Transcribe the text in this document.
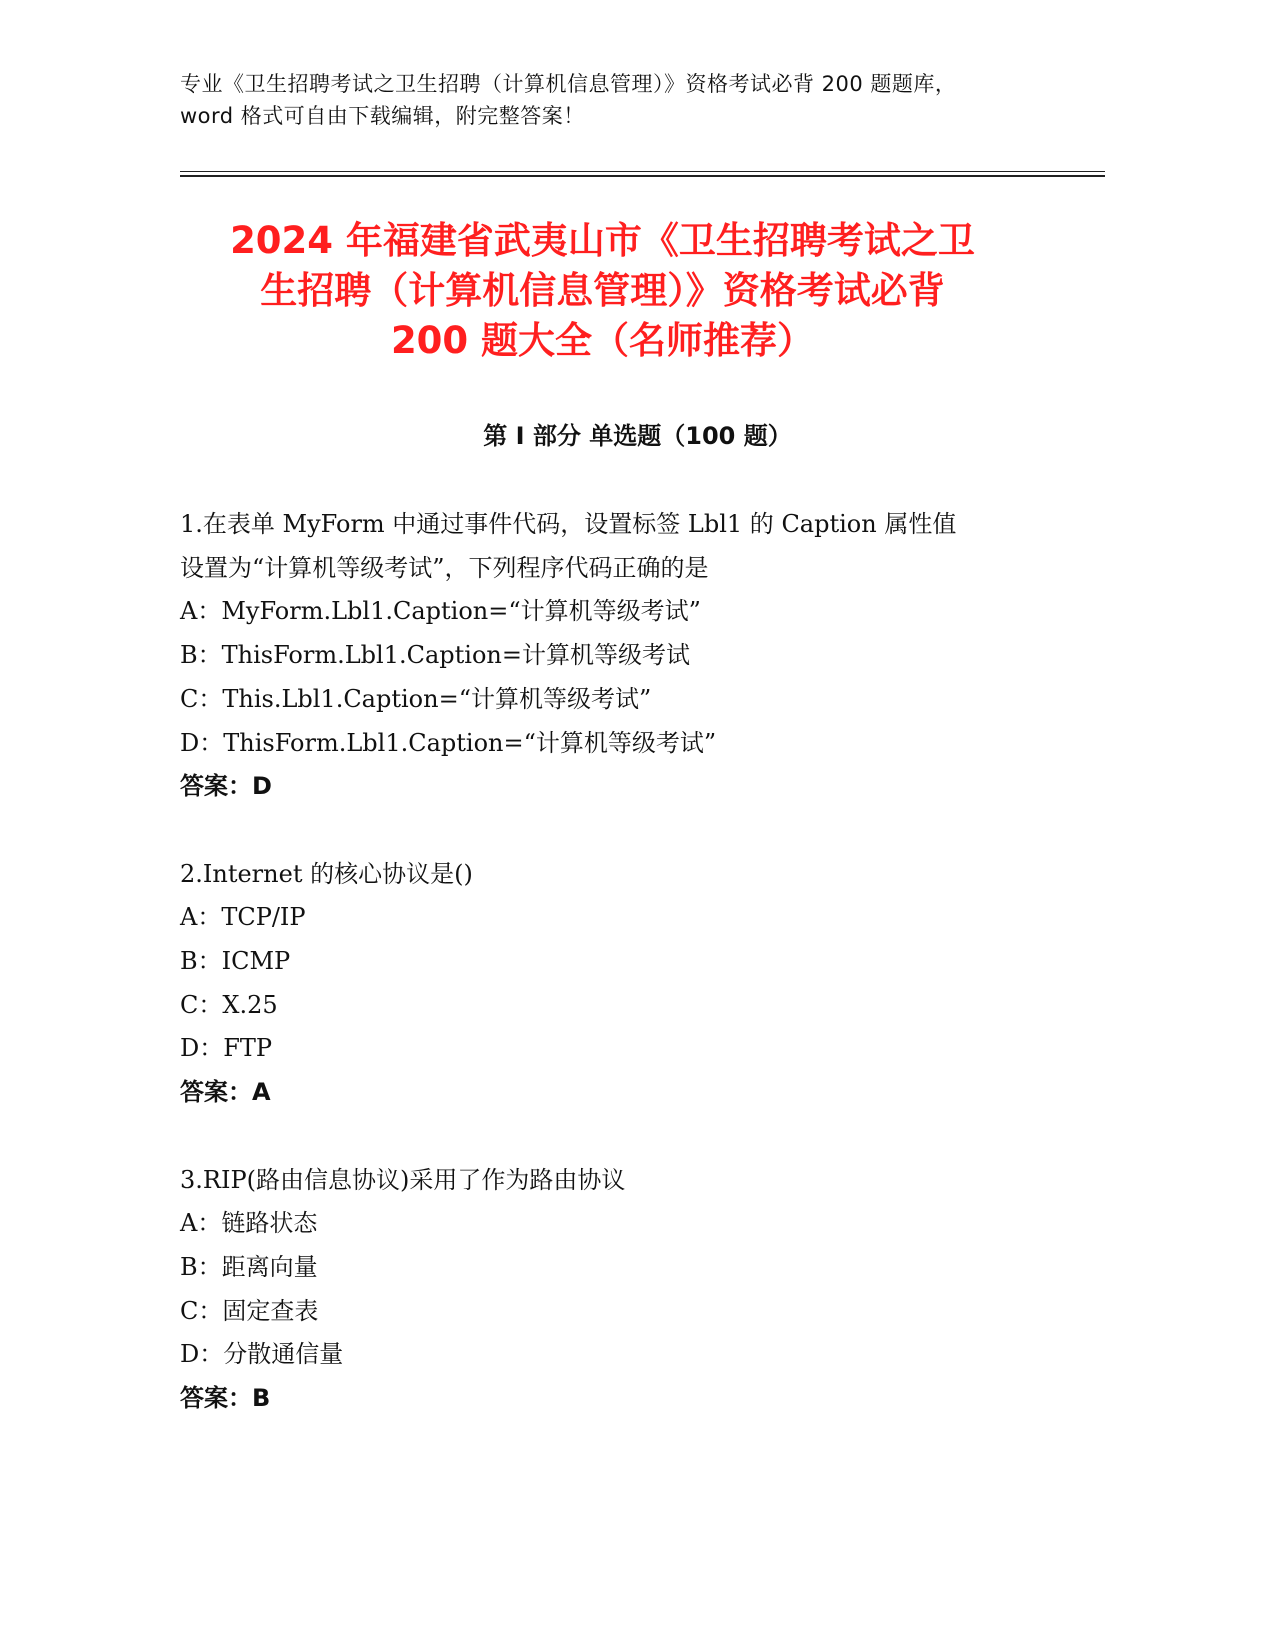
专业《卫生招聘考试之卫生招聘（计算机信息管理）》资格考试必背 200 题题库，
word 格式可自由下载编辑，附完整答案！
2024 年福建省武夷山市《卫生招聘考试之卫
生招聘（计算机信息管理）》资格考试必背
200 题大全（名师推荐）
第 I 部分 单选题（100 题）
1.在表单 MyForm 中通过事件代码，设置标签 Lbl1 的 Caption 属性值
设置为“计算机等级考试”，下列程序代码正确的是
A：MyForm.Lbl1.Caption=“计算机等级考试”
B：ThisForm.Lbl1.Caption=计算机等级考试
C：This.Lbl1.Caption=“计算机等级考试”
D：ThisForm.Lbl1.Caption=“计算机等级考试”
答案：D
2.Internet 的核心协议是()
A：TCP/IP
B：ICMP
C：X.25
D：FTP
答案：A
3.RIP(路由信息协议)采用了作为路由协议
A：链路状态
B：距离向量
C：固定查表
D：分散通信量
答案：B
